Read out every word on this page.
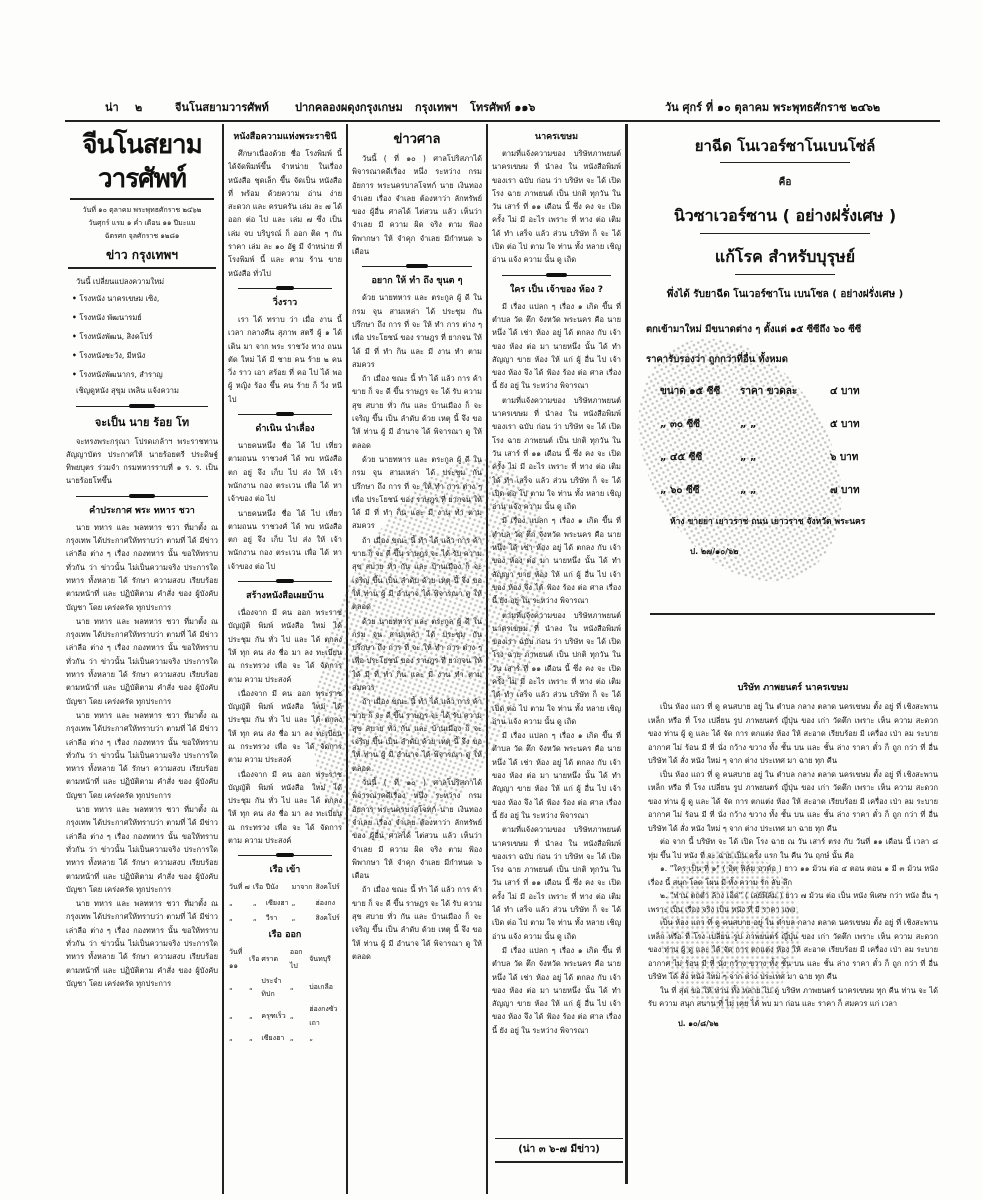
น่า ๒	จีนโนสยามวารศัพท์ ปากคลองผดุงกรุงเกษม กรุงเทพฯ โทรศัพท์ ๑๑๖	วัน ศุกร์ ที่ ๑๐ ตุลาคม พระพุทธศักราช ๒๔๖๒
จีนโนสยามวารศัพท์
วันที่ ๑๐ ตุลาคม พระพุทธศักราช ๒๔๖๒
วันศุกร์ แรม ๑ ค่ำ เดือน ๑๑ ปีมะแม
ฉัตรศก จุลศักราช ๑๒๘๑
ข่าว กรุงเทพฯ

วันนี้ เปลี่ยนแปลงความใหม่

• โรงหนัง นาครเขษม เซิง,
• โรงหนัง พัฒนารมย์
• โรงหนังพัฒน, สิงคโปร์
• โรงหนังชะวัง, มีหนัง
• โรงหนังพัฒนากร, สำราญ

เชิญดูหนัง สุขุม เพลิน แจ้งความ

จะเป็น นาย ร้อย โท

จะทรงพระกรุณา โปรดเกล้าฯ พระราชทาน สัญญาบัตร ประกาศให้ นายร้อยตรี ประดิษฐ์ ทิพยบุตร ร่วมจำ กรมทหารราบที่ ๑ ร. ร. เป็น นายร้อยโทขึ้น

คำประกาศ พระ ทหาร ชวา

นาย ทหาร และ พลทหาร ชวา ที่มาตั้ง ณ กรุงเทพ ได้ประกาศให้ทราบว่า ตามที่ ได้ มีข่าว เล่าลือ ต่าง ๆ เรื่อง กองทหาร นั้น ขอให้ทราบทั่วกัน ว่า ข่าวนั้น ไม่เป็นความจริง ประการใด ทหาร ทั้งหลาย ได้ รักษา ความสงบ เรียบร้อย ตามหน้าที่ และ ปฏิบัติตาม คำสั่ง ของ ผู้บังคับบัญชา โดย เคร่งครัด ทุกประการ

นาย ทหาร และ พลทหาร ชวา ที่มาตั้ง ณ กรุงเทพ ได้ประกาศให้ทราบว่า ตามที่ ได้ มีข่าว เล่าลือ ต่าง ๆ เรื่อง กองทหาร นั้น ขอให้ทราบทั่วกัน ว่า ข่าวนั้น ไม่เป็นความจริง ประการใด ทหาร ทั้งหลาย ได้ รักษา ความสงบ เรียบร้อย ตามหน้าที่ และ ปฏิบัติตาม คำสั่ง ของ ผู้บังคับบัญชา โดย เคร่งครัด ทุกประการ

นาย ทหาร และ พลทหาร ชวา ที่มาตั้ง ณ กรุงเทพ ได้ประกาศให้ทราบว่า ตามที่ ได้ มีข่าว เล่าลือ ต่าง ๆ เรื่อง กองทหาร นั้น ขอให้ทราบทั่วกัน ว่า ข่าวนั้น ไม่เป็นความจริง ประการใด ทหาร ทั้งหลาย ได้ รักษา ความสงบ เรียบร้อย ตามหน้าที่ และ ปฏิบัติตาม คำสั่ง ของ ผู้บังคับบัญชา โดย เคร่งครัด ทุกประการ

นาย ทหาร และ พลทหาร ชวา ที่มาตั้ง ณ กรุงเทพ ได้ประกาศให้ทราบว่า ตามที่ ได้ มีข่าว เล่าลือ ต่าง ๆ เรื่อง กองทหาร นั้น ขอให้ทราบทั่วกัน ว่า ข่าวนั้น ไม่เป็นความจริง ประการใด ทหาร ทั้งหลาย ได้ รักษา ความสงบ เรียบร้อย ตามหน้าที่ และ ปฏิบัติตาม คำสั่ง ของ ผู้บังคับบัญชา โดย เคร่งครัด ทุกประการ

นาย ทหาร และ พลทหาร ชวา ที่มาตั้ง ณ กรุงเทพ ได้ประกาศให้ทราบว่า ตามที่ ได้ มีข่าว เล่าลือ ต่าง ๆ เรื่อง กองทหาร นั้น ขอให้ทราบทั่วกัน ว่า ข่าวนั้น ไม่เป็นความจริง ประการใด ทหาร ทั้งหลาย ได้ รักษา ความสงบ เรียบร้อย ตามหน้าที่ และ ปฏิบัติตาม คำสั่ง ของ ผู้บังคับบัญชา โดย เคร่งครัด ทุกประการ

หนังสือความแห่งพระราชินี

ศึกษาเนื่องด้วย ชื่อ โรงพิมพ์ นี้ ได้จัดพิมพ์ขึ้น จำหน่าย ในเรื่อง หนังสือ ชุดเล็ก ขึ้น จัดเป็น หนังสือ ที่ พร้อม ด้วยความ อ่าน ง่าย สะดวก และ ครบครัน เล่ม ละ ๗ ได้ ออก ต่อ ไป และ เล่ม ๗ ซึ่ง เป็น เล่ม จบ บริบูรณ์ ก็ ออก ติด ๆ กัน ราคา เล่ม ละ ๑๐ อัฐ มี จำหน่าย ที่ โรงพิมพ์ นี้ และ ตาม ร้าน ขาย หนังสือ ทั่วไป

วิ่งราว

เรา ได้ ทราบ ว่า เมื่อ งาน นี้ เวลา กลางคืน สุภาพ สตรี ผู้ ๑ ได้ เดิน มา จาก พระ ราชวัง ทาง ถนน ตัด ใหม่ ได้ มี ชาย คน ร้าย ๒ คน วิ่ง ราว เอา สร้อย ที่ คอ ไป ได้ พอ ผู้ หญิง ร้อง ขึ้น คน ร้าย ก็ วิ่ง หนี ไป

ดำเนิน นำเลื่อง

นายคนหนึ่ง ชื่อ ได้ ไป เที่ยว ตามถนน ราชวงศ์ ได้ พบ หนังสือ ตก อยู่ จึง เก็บ ไป ส่ง ให้ เจ้าพนักงาน กอง ตระเวน เพื่อ ได้ หา เจ้าของ ต่อ ไป

นายคนหนึ่ง ชื่อ ได้ ไป เที่ยว ตามถนน ราชวงศ์ ได้ พบ หนังสือ ตก อยู่ จึง เก็บ ไป ส่ง ให้ เจ้าพนักงาน กอง ตระเวน เพื่อ ได้ หา เจ้าของ ต่อ ไป

สร้างหนังสือเผยบ้าน

เนื่องจาก มี คน ออก พระราชบัญญัติ พิมพ์ หนังสือ ใหม่ ได้ ประชุม กัน ทั่ว ไป และ ได้ ตกลง ให้ ทุก คน ส่ง ชื่อ มา ลง ทะเบียน ณ กระทรวง เพื่อ จะ ได้ จัดการ ตาม ความ ประสงค์

เนื่องจาก มี คน ออก พระราชบัญญัติ พิมพ์ หนังสือ ใหม่ ได้ ประชุม กัน ทั่ว ไป และ ได้ ตกลง ให้ ทุก คน ส่ง ชื่อ มา ลง ทะเบียน ณ กระทรวง เพื่อ จะ ได้ จัดการ ตาม ความ ประสงค์

เนื่องจาก มี คน ออก พระราชบัญญัติ พิมพ์ หนังสือ ใหม่ ได้ ประชุม กัน ทั่ว ไป และ ได้ ตกลง ให้ ทุก คน ส่ง ชื่อ มา ลง ทะเบียน ณ กระทรวง เพื่อ จะ ได้ จัดการ ตาม ความ ประสงค์

เรือ เข้า
วันที่ ๗	เรือ	ปีนัง	มาจาก	สิงคโปร์
„	„	เซียงฮา	„	ฮ่องกง
„	„	วีรา	„	สิงคโปร์
เรือ ออก
วันที่ ๑๑	เรือ	ศราด	ออกไป	จันทบุรี
„	„	ประจำทิปก	„	บ่อเกลือ
„	„	ครุฑเร็ว	„	ฮ่องกงซัวเถา
„	„	เซียงฮา	„	„
ข่าวศาล

วันนี้ ( ที่ ๑๐ ) ศาลโปริสภาได้พิจารณาคดีเรื่อง หนึ่ง ระหว่าง กรมอัยการ พระนครบาลโจทก์ นาย เงินทอง จำเลย เรื่อง จำเลย ต้องหาว่า ลักทรัพย์ ของ ผู้อื่น ศาลได้ ไต่สวน แล้ว เห็นว่า จำเลย มี ความ ผิด จริง ตาม ฟ้อง พิพากษา ให้ จำคุก จำเลย มีกำหนด ๖ เดือน

อยาก ให้ ทำ ถึง ขุนต ๆ

ด้วย นายทหาร และ ตระกูล ผู้ ดี ใน กรม จุน สามเหล่า ได้ ประชุม กัน ปรึกษา ถึง การ ที่ จะ ให้ ทำ การ ต่าง ๆ เพื่อ ประโยชน์ ของ ราษฎร ที่ ยากจน ให้ ได้ มี ที่ ทำ กิน และ มี งาน ทำ ตาม สมควร

ถ้า เมื่อง ขณะ นี้ ทำ ได้ แล้ว การ ค้า ขาย ก็ จะ ดี ขึ้น ราษฎร จะ ได้ รับ ความ สุข สบาย ทั่ว กัน และ บ้านเมือง ก็ จะ เจริญ ขึ้น เป็น ลำดับ ด้วย เหตุ นี้ จึง ขอ ให้ ท่าน ผู้ มี อำนาจ ได้ พิจารณา ดู ให้ ตลอด

ด้วย นายทหาร และ ตระกูล ผู้ ดี ใน กรม จุน สามเหล่า ได้ ประชุม กัน ปรึกษา ถึง การ ที่ จะ ให้ ทำ การ ต่าง ๆ เพื่อ ประโยชน์ ของ ราษฎร ที่ ยากจน ให้ ได้ มี ที่ ทำ กิน และ มี งาน ทำ ตาม สมควร

ถ้า เมื่อง ขณะ นี้ ทำ ได้ แล้ว การ ค้า ขาย ก็ จะ ดี ขึ้น ราษฎร จะ ได้ รับ ความ สุข สบาย ทั่ว กัน และ บ้านเมือง ก็ จะ เจริญ ขึ้น เป็น ลำดับ ด้วย เหตุ นี้ จึง ขอ ให้ ท่าน ผู้ มี อำนาจ ได้ พิจารณา ดู ให้ ตลอด

ด้วย นายทหาร และ ตระกูล ผู้ ดี ใน กรม จุน สามเหล่า ได้ ประชุม กัน ปรึกษา ถึง การ ที่ จะ ให้ ทำ การ ต่าง ๆ เพื่อ ประโยชน์ ของ ราษฎร ที่ ยากจน ให้ ได้ มี ที่ ทำ กิน และ มี งาน ทำ ตาม สมควร

ถ้า เมื่อง ขณะ นี้ ทำ ได้ แล้ว การ ค้า ขาย ก็ จะ ดี ขึ้น ราษฎร จะ ได้ รับ ความ สุข สบาย ทั่ว กัน และ บ้านเมือง ก็ จะ เจริญ ขึ้น เป็น ลำดับ ด้วย เหตุ นี้ จึง ขอ ให้ ท่าน ผู้ มี อำนาจ ได้ พิจารณา ดู ให้ ตลอด

วันนี้ ( ที่ ๑๐ ) ศาลโปริสภาได้พิจารณาคดีเรื่อง หนึ่ง ระหว่าง กรมอัยการ พระนครบาลโจทก์ นาย เงินทอง จำเลย เรื่อง จำเลย ต้องหาว่า ลักทรัพย์ ของ ผู้อื่น ศาลได้ ไต่สวน แล้ว เห็นว่า จำเลย มี ความ ผิด จริง ตาม ฟ้อง พิพากษา ให้ จำคุก จำเลย มีกำหนด ๖ เดือน

ถ้า เมื่อง ขณะ นี้ ทำ ได้ แล้ว การ ค้า ขาย ก็ จะ ดี ขึ้น ราษฎร จะ ได้ รับ ความ สุข สบาย ทั่ว กัน และ บ้านเมือง ก็ จะ เจริญ ขึ้น เป็น ลำดับ ด้วย เหตุ นี้ จึง ขอ ให้ ท่าน ผู้ มี อำนาจ ได้ พิจารณา ดู ให้ ตลอด

นาครเขษม

ตามที่แจ้งความของ บริษัทภาพยนต์ นาครเขษม ที่ นำลง ใน หนังสือพิมพ์ ของเรา ฉบับ ก่อน ว่า บริษัท จะ ได้ เปิด โรง ฉาย ภาพยนต์ เป็น ปกติ ทุกวัน ใน วัน เสาร์ ที่ ๑๑ เดือน นี้ ซึ่ง คง จะ เปิด ครั้ง ไม่ มี อะไร เพราะ ที่ ทาง ต่อ เติม ได้ ทำ เสร็จ แล้ว ส่วน บริษัท ก็ จะ ได้ เปิด ต่อ ไป ตาม ใจ ท่าน ทั้ง หลาย เชิญ อ่าน แจ้ง ความ นั้น ดู เถิด

ใคร เป็น เจ้าของ ห้อง ?

มี เรื่อง แปลก ๆ เรื่อง ๑ เกิด ขึ้น ที่ ตำบล วัด ตึก จังหวัด พระนคร คือ นายหนึ่ง ได้ เช่า ห้อง อยู่ ได้ ตกลง กับ เจ้า ของ ห้อง ต่อ มา นายหนึ่ง นั้น ได้ ทำ สัญญา ขาย ห้อง ให้ แก่ ผู้ อื่น ไป เจ้า ของ ห้อง จึง ได้ ฟ้อง ร้อง ต่อ ศาล เรื่อง นี้ ยัง อยู่ ใน ระหว่าง พิจารณา

ตามที่แจ้งความของ บริษัทภาพยนต์ นาครเขษม ที่ นำลง ใน หนังสือพิมพ์ ของเรา ฉบับ ก่อน ว่า บริษัท จะ ได้ เปิด โรง ฉาย ภาพยนต์ เป็น ปกติ ทุกวัน ใน วัน เสาร์ ที่ ๑๑ เดือน นี้ ซึ่ง คง จะ เปิด ครั้ง ไม่ มี อะไร เพราะ ที่ ทาง ต่อ เติม ได้ ทำ เสร็จ แล้ว ส่วน บริษัท ก็ จะ ได้ เปิด ต่อ ไป ตาม ใจ ท่าน ทั้ง หลาย เชิญ อ่าน แจ้ง ความ นั้น ดู เถิด

มี เรื่อง แปลก ๆ เรื่อง ๑ เกิด ขึ้น ที่ ตำบล วัด ตึก จังหวัด พระนคร คือ นายหนึ่ง ได้ เช่า ห้อง อยู่ ได้ ตกลง กับ เจ้า ของ ห้อง ต่อ มา นายหนึ่ง นั้น ได้ ทำ สัญญา ขาย ห้อง ให้ แก่ ผู้ อื่น ไป เจ้า ของ ห้อง จึง ได้ ฟ้อง ร้อง ต่อ ศาล เรื่อง นี้ ยัง อยู่ ใน ระหว่าง พิจารณา

ตามที่แจ้งความของ บริษัทภาพยนต์ นาครเขษม ที่ นำลง ใน หนังสือพิมพ์ ของเรา ฉบับ ก่อน ว่า บริษัท จะ ได้ เปิด โรง ฉาย ภาพยนต์ เป็น ปกติ ทุกวัน ใน วัน เสาร์ ที่ ๑๑ เดือน นี้ ซึ่ง คง จะ เปิด ครั้ง ไม่ มี อะไร เพราะ ที่ ทาง ต่อ เติม ได้ ทำ เสร็จ แล้ว ส่วน บริษัท ก็ จะ ได้ เปิด ต่อ ไป ตาม ใจ ท่าน ทั้ง หลาย เชิญ อ่าน แจ้ง ความ นั้น ดู เถิด

มี เรื่อง แปลก ๆ เรื่อง ๑ เกิด ขึ้น ที่ ตำบล วัด ตึก จังหวัด พระนคร คือ นายหนึ่ง ได้ เช่า ห้อง อยู่ ได้ ตกลง กับ เจ้า ของ ห้อง ต่อ มา นายหนึ่ง นั้น ได้ ทำ สัญญา ขาย ห้อง ให้ แก่ ผู้ อื่น ไป เจ้า ของ ห้อง จึง ได้ ฟ้อง ร้อง ต่อ ศาล เรื่อง นี้ ยัง อยู่ ใน ระหว่าง พิจารณา

ตามที่แจ้งความของ บริษัทภาพยนต์ นาครเขษม ที่ นำลง ใน หนังสือพิมพ์ ของเรา ฉบับ ก่อน ว่า บริษัท จะ ได้ เปิด โรง ฉาย ภาพยนต์ เป็น ปกติ ทุกวัน ใน วัน เสาร์ ที่ ๑๑ เดือน นี้ ซึ่ง คง จะ เปิด ครั้ง ไม่ มี อะไร เพราะ ที่ ทาง ต่อ เติม ได้ ทำ เสร็จ แล้ว ส่วน บริษัท ก็ จะ ได้ เปิด ต่อ ไป ตาม ใจ ท่าน ทั้ง หลาย เชิญ อ่าน แจ้ง ความ นั้น ดู เถิด

มี เรื่อง แปลก ๆ เรื่อง ๑ เกิด ขึ้น ที่ ตำบล วัด ตึก จังหวัด พระนคร คือ นายหนึ่ง ได้ เช่า ห้อง อยู่ ได้ ตกลง กับ เจ้า ของ ห้อง ต่อ มา นายหนึ่ง นั้น ได้ ทำ สัญญา ขาย ห้อง ให้ แก่ ผู้ อื่น ไป เจ้า ของ ห้อง จึง ได้ ฟ้อง ร้อง ต่อ ศาล เรื่อง นี้ ยัง อยู่ ใน ระหว่าง พิจารณา

(น่า ๓ ๖-๗ มีข่าว)
ยาฉีด โนเวอร์ซาโนเบนโซ่ล์
คือ
นิวซาเวอร์ซาน ( อย่างฝรั่งเศษ )
แก้โรค สำหรับบุรุษย์
พึ่งได้ รับยาฉีด โนเวอร์ซาโน เบนโซล ( อย่างฝรั่งเศษ )
ตกเข้ามาใหม่ มีขนาดต่าง ๆ ตั้งแต่ ๑๕ ซีซีถึง ๖๐ ซีซี
ราคารับรองว่า ถูกกว่าที่อื่น ทั้งหมด
ขนาด ๑๕ ซีซี	ราคา ขวดละ	๔ บาท
„ ๓๐ ซีซี	„ „	๕ บาท
„ ๔๕ ซีซี	„ „	๖ บาท
„ ๖๐ ซีซี	„ „	๗ บาท
ห้าง ขายยา เยาวราช ถนน เยาวราช จังหวัด พระนคร
ป. ๒๗/๑๐/๖๒
บริษัท ภาพยนตร์ นาครเขษม

เป็น ห้อง แถว ที่ ดู คนสบาย อยู่ ใน ตำบล กลาง ตลาด นครเขษม ตั้ง อยู่ ที่ เชิงสะพาน เหล็ก หรือ ที่ โรง เปลี่ยน รูป ภาพยนตร์ ญี่ปุ่น ของ เก่า วัดตึก เพราะ เห็น ความ สะดวก ของ ท่าน ผู้ ดู และ ได้ จัด การ ตกแต่ง ห้อง ให้ สะอาด เรียบร้อย มี เครื่อง เป่า ลม ระบาย อากาศ ไม่ ร้อน มี ที่ นั่ง กว้าง ขวาง ทั้ง ชั้น บน และ ชั้น ล่าง ราคา ตั๋ว ก็ ถูก กว่า ที่ อื่น บริษัท ได้ สั่ง หนัง ใหม่ ๆ จาก ต่าง ประเทศ มา ฉาย ทุก คืน

เป็น ห้อง แถว ที่ ดู คนสบาย อยู่ ใน ตำบล กลาง ตลาด นครเขษม ตั้ง อยู่ ที่ เชิงสะพาน เหล็ก หรือ ที่ โรง เปลี่ยน รูป ภาพยนตร์ ญี่ปุ่น ของ เก่า วัดตึก เพราะ เห็น ความ สะดวก ของ ท่าน ผู้ ดู และ ได้ จัด การ ตกแต่ง ห้อง ให้ สะอาด เรียบร้อย มี เครื่อง เป่า ลม ระบาย อากาศ ไม่ ร้อน มี ที่ นั่ง กว้าง ขวาง ทั้ง ชั้น บน และ ชั้น ล่าง ราคา ตั๋ว ก็ ถูก กว่า ที่ อื่น บริษัท ได้ สั่ง หนัง ใหม่ ๆ จาก ต่าง ประเทศ มา ฉาย ทุก คืน

ต่อ จาก นี้ บริษัท จะ ได้ เปิด โรง ฉาย ณ วัน เสาร์ ตรง กับ วันที่ ๑๑ เดือน นี้ เวลา ๘ ทุ่ม ขึ้น ไป หนัง ที่ จะ ฉาย เป็น ครั้ง แรก ใน คืน วัน ฤกษ์ นั้น คือ

๑. "ใคร เป็น ที่ ๑" ( อิต ฟิล์ม อวด์อ ) ยาว ๑๑ ม้วน ต่อ ๔ ตอน ตอน ๑ มี ๓ ม้วน หนัง เรื่อง นี้ สนุก โลด โผน มี ทั้ง ความ รัก ลับ ลึก

๒. "ท่าน ตกต่ำ ล้าง เอ็ด" ( เลย์ฟิล์ม ) ยาว ๗ ม้วน ต่อ เป็น หนัง พิเศษ กว่า หนัง อื่น ๆ เพราะ เป็น เรื่อง จริง เป็น หนัง ที่ มี ราคา แพง

เป็น ห้อง แถว ที่ ดู คนสบาย อยู่ ใน ตำบล กลาง ตลาด นครเขษม ตั้ง อยู่ ที่ เชิงสะพาน เหล็ก หรือ ที่ โรง เปลี่ยน รูป ภาพยนตร์ ญี่ปุ่น ของ เก่า วัดตึก เพราะ เห็น ความ สะดวก ของ ท่าน ผู้ ดู และ ได้ จัด การ ตกแต่ง ห้อง ให้ สะอาด เรียบร้อย มี เครื่อง เป่า ลม ระบาย อากาศ ไม่ ร้อน มี ที่ นั่ง กว้าง ขวาง ทั้ง ชั้น บน และ ชั้น ล่าง ราคา ตั๋ว ก็ ถูก กว่า ที่ อื่น บริษัท ได้ สั่ง หนัง ใหม่ ๆ จาก ต่าง ประเทศ มา ฉาย ทุก คืน

ใน ที่ สุด ขอ ให้ ท่าน ทั้ง หลาย ไป ดู บริษัท ภาพยนตร์ นาครเขษม ทุก คืน ท่าน จะ ได้ รับ ความ สนุก สนาน ที่ ไม่ เคย ได้ พบ มา ก่อน และ ราคา ก็ สมควร แก่ เวลา

ป. ๑๐/๘/๖๒
